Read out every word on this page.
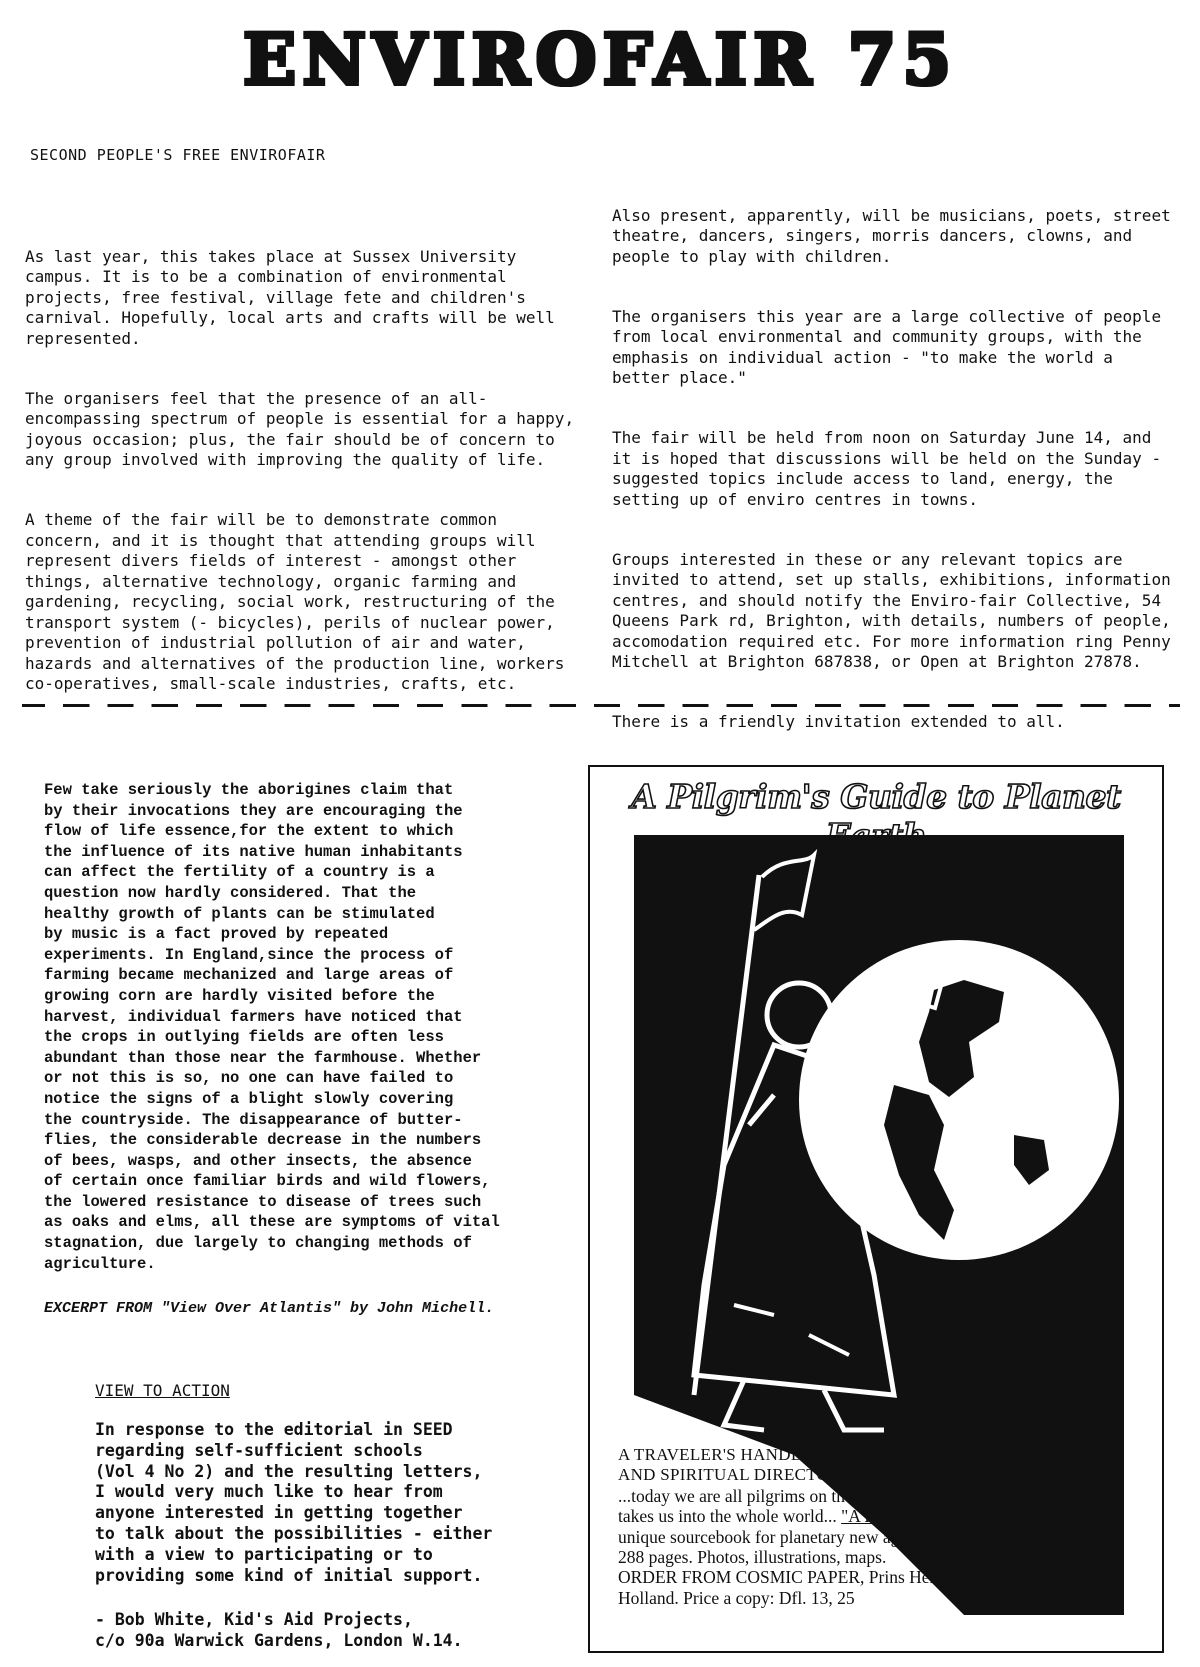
ENVIROFAIR 75
SECOND PEOPLE'S FREE ENVIROFAIR

As last year, this takes place at Sussex University campus. It is to be a combination of environmental projects, free festival, village fete and children's carnival. Hopefully, local arts and crafts will be well represented.

The organisers feel that the presence of an all-encompassing spectrum of people is essential for a happy, joyous occasion; plus, the fair should be of concern to any group involved with improving the quality of life.

A theme of the fair will be to demonstrate common concern, and it is thought that attending groups will represent divers fields of interest - amongst other things, alternative technology, organic farming and gardening, recycling, social work, restructuring of the transport system (- bicycles), perils of nuclear power, prevention of industrial pollution of air and water, hazards and alternatives of the production line, workers co-operatives, small-scale industries, crafts, etc.

Also present, apparently, will be musicians, poets, street theatre, dancers, singers, morris dancers, clowns, and people to play with children.

The organisers this year are a large collective of people from local environmental and community groups, with the emphasis on individual action - "to make the world a better place."

The fair will be held from noon on Saturday June 14, and it is hoped that discussions will be held on the Sunday - suggested topics include access to land, energy, the setting up of enviro centres in towns.

Groups interested in these or any relevant topics are invited to attend, set up stalls, exhibitions, information centres, and should notify the Enviro-fair Collective, 54 Queens Park rd, Brighton, with details, numbers of people, accomodation required etc. For more information ring Penny Mitchell at Brighton 687838, or Open at Brighton 27878.

There is a friendly invitation extended to all.

Few take seriously the aborigines claim that
by their invocations they are encouraging the
flow of life essence,for the extent to which
the influence of its native human inhabitants
can affect the fertility of a country is a
question now hardly considered. That the
healthy growth of plants can be stimulated
by music is a fact proved by repeated
experiments. In England,since the process of
farming became mechanized and large areas of
growing corn are hardly visited before the
harvest, individual farmers have noticed that
the crops in outlying fields are often less
abundant than those near the farmhouse. Whether
or not this is so, no one can have failed to
notice the signs of a blight slowly covering
the countryside. The disappearance of butter-
flies, the considerable decrease in the numbers
of bees, wasps, and other insects, the absence
of certain once familiar birds and wild flowers,
the lowered resistance to disease of trees such
as oaks and elms, all these are symptoms of vital
stagnation, due largely to changing methods of
agriculture.
EXCERPT FROM "View Over Atlantis" by John Michell.
VIEW TO ACTION
In response to the editorial in SEED
regarding self-sufficient schools
(Vol 4 No 2) and the resulting letters,
I would very much like to hear from
anyone interested in getting together
to talk about the possibilities - either
with a view to participating or to
providing some kind of initial support.
- Bob White, Kid's Aid Projects,
c/o 90a Warwick Gardens, London W.14.
A Pilgrim's Guide to Planet
A TRAVELER'S HANDBOOK
AND SPIRITUAL DIRECTORY
...today we are all pilgrims on the path which leads beyond borders and takes us into the whole world... "A Pilgrim's Guide to Planet Earth" is a unique sourcebook for planetary new age communication and travel.
288 pages. Photos, illustrations, maps.
ORDER FROM COSMIC PAPER, Prins Hendrikkade 142 Amsterdam Holland. Price a copy: Dfl. 13, 25
